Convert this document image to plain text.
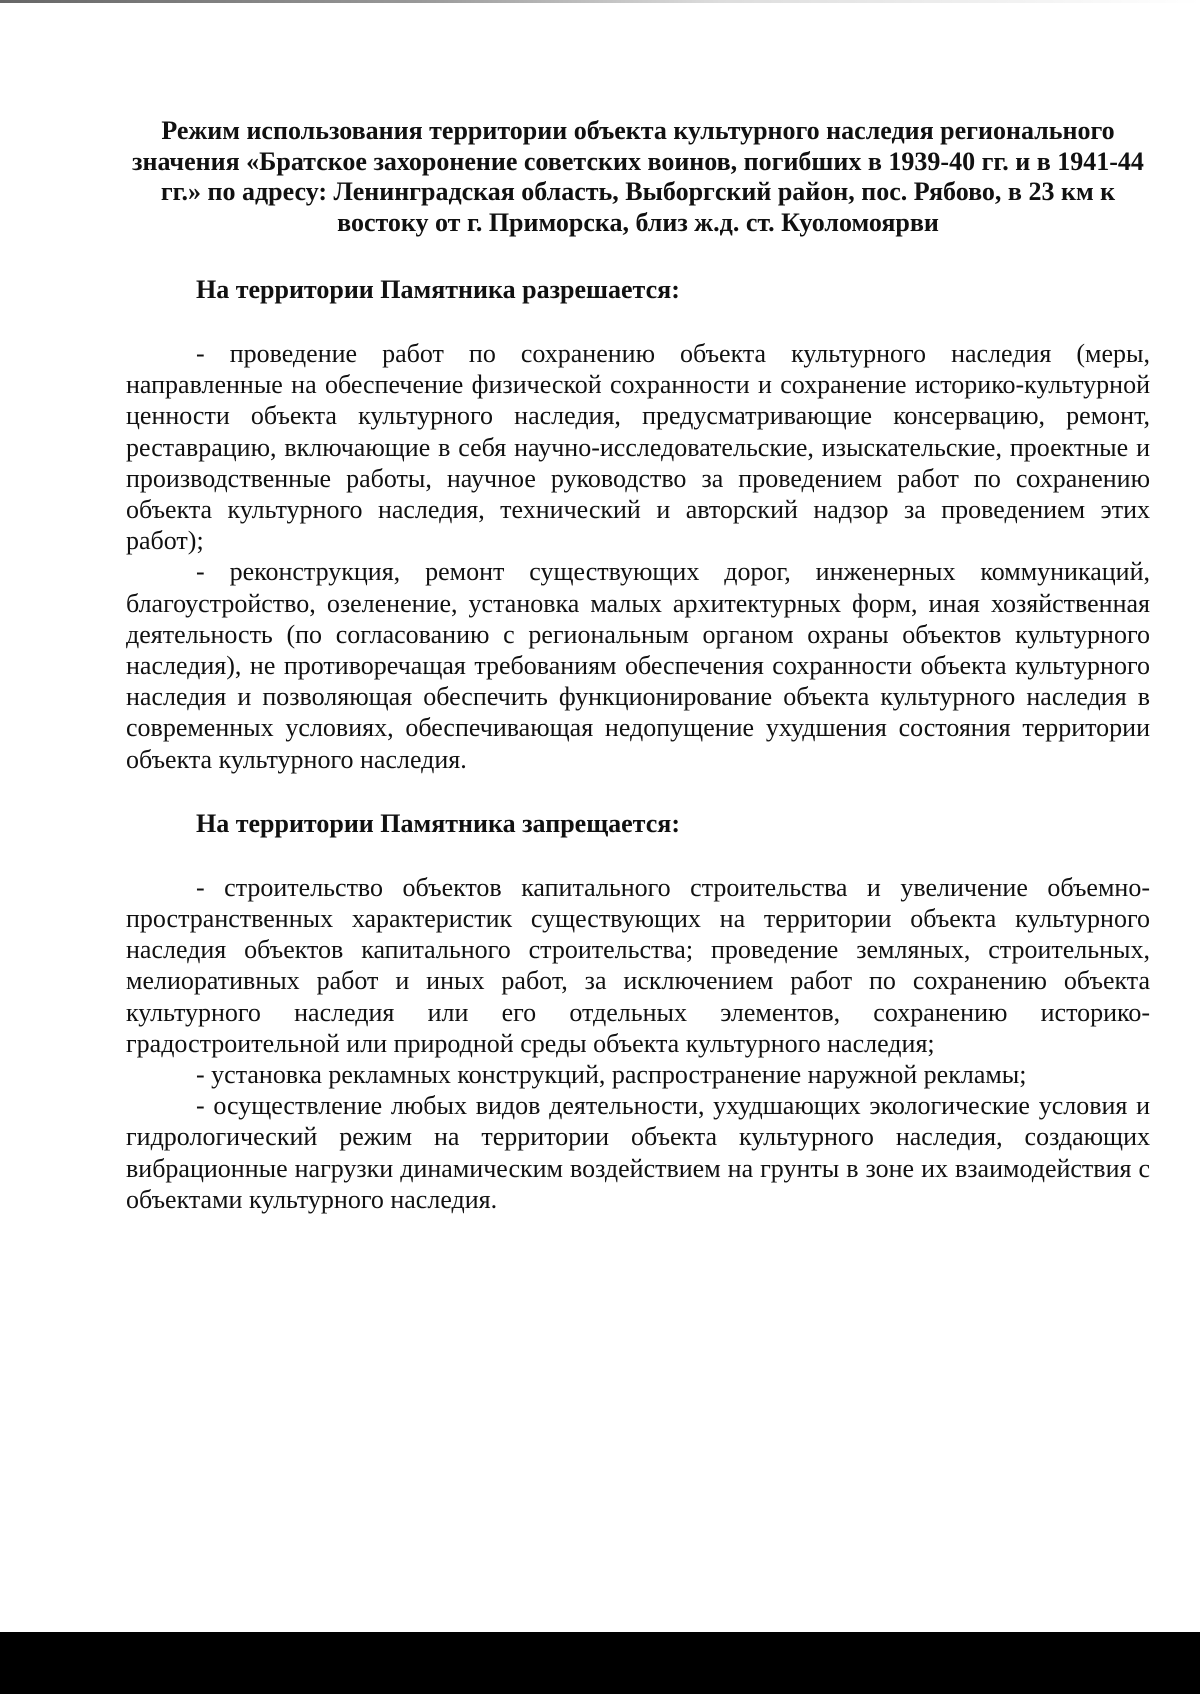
Режим использования территории объекта культурного наследия регионального значения «Братское захоронение советских воинов, погибших в 1939-40 гг. и в 1941-44 гг.» по адресу: Ленинградская область, Выборгский район, пос. Рябово, в 23 км к востоку от г. Приморска, близ ж.д. ст. Куоломоярви

На территории Памятника разрешается:

- проведение работ по сохранению объекта культурного наследия (меры, направленные на обеспечение физической сохранности и сохранение историко-культурной ценности объекта культурного наследия, предусматривающие консервацию, ремонт, реставрацию, включающие в себя научно-исследовательские, изыскательские, проектные и производственные работы, научное руководство за проведением работ по сохранению объекта культурного наследия, технический и авторский надзор за проведением этих работ);

- реконструкция, ремонт существующих дорог, инженерных коммуникаций, благоустройство, озеленение, установка малых архитектурных форм, иная хозяйственная деятельность (по согласованию с региональным органом охраны объектов культурного наследия), не противоречащая требованиям обеспечения сохранности объекта культурного наследия и позволяющая обеспечить функционирование объекта культурного наследия в современных условиях, обеспечивающая недопущение ухудшения состояния территории объекта культурного наследия.

На территории Памятника запрещается:

- строительство объектов капитального строительства и увеличение объемно-пространственных характеристик существующих на территории объекта культурного наследия объектов капитального строительства; проведение земляных, строительных, мелиоративных работ и иных работ, за исключением работ по сохранению объекта культурного наследия или его отдельных элементов, сохранению историко-градостроительной или природной среды объекта культурного наследия;

- установка рекламных конструкций, распространение наружной рекламы;

- осуществление любых видов деятельности, ухудшающих экологические условия и гидрологический режим на территории объекта культурного наследия, создающих вибрационные нагрузки динамическим воздействием на грунты в зоне их взаимодействия с объектами культурного наследия.
